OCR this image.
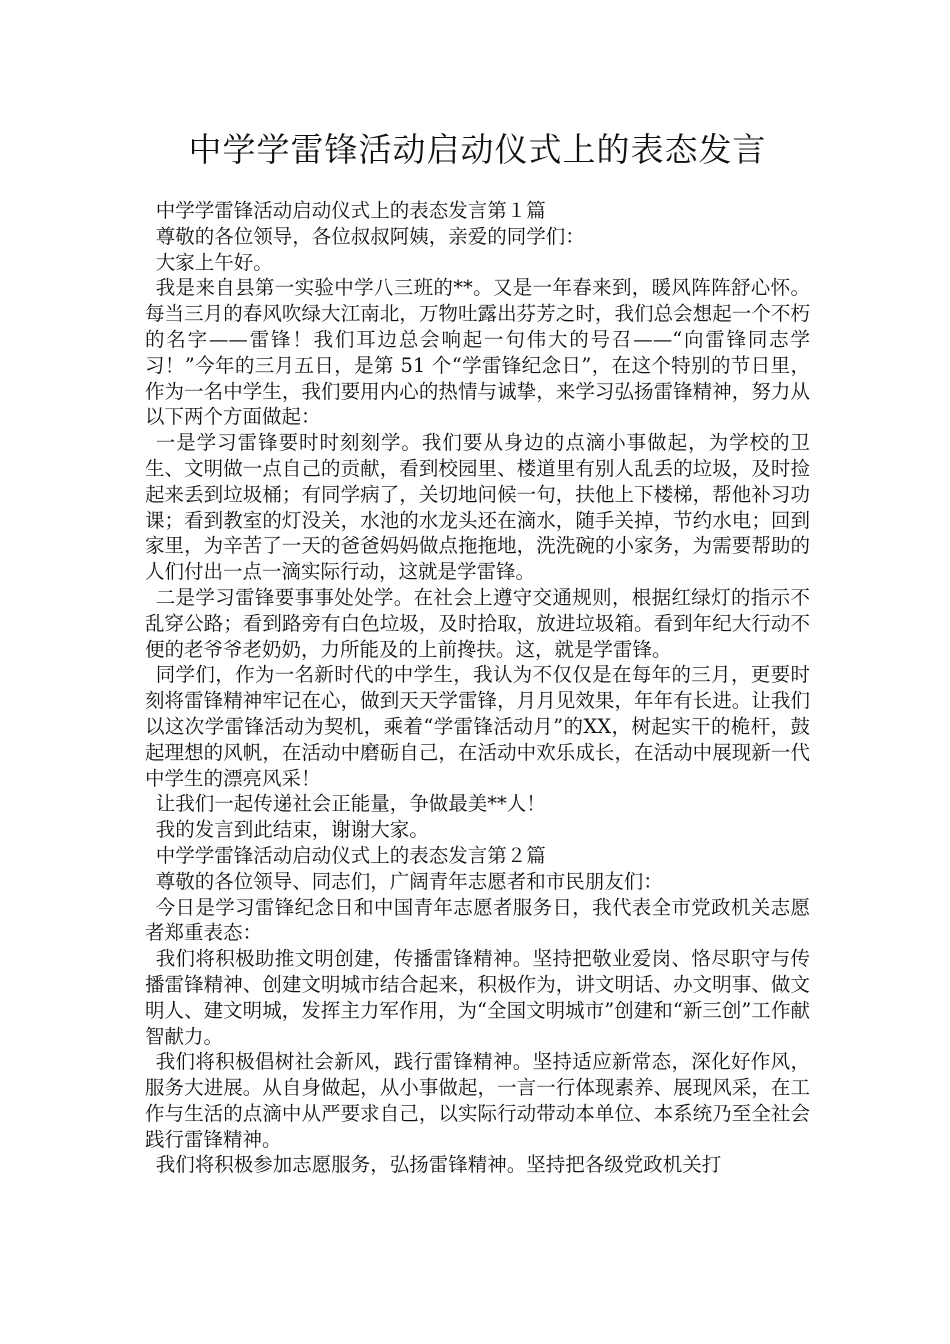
中学学雷锋活动启动仪式上的表态发言

中学学雷锋活动启动仪式上的表态发言第１篇

尊敬的各位领导，各位叔叔阿姨，亲爱的同学们：

大家上午好。

我是来自县第一实验中学八三班的**。又是一年春来到，暖风阵阵舒心怀。每当三月的春风吹绿大江南北，万物吐露出芬芳之时，我们总会想起一个不朽的名字——雷锋！我们耳边总会响起一句伟大的号召——“向雷锋同志学习！”今年的三月五日，是第 51 个“学雷锋纪念日”，在这个特别的节日里，作为一名中学生，我们要用内心的热情与诚挚，来学习弘扬雷锋精神，努力从以下两个方面做起：

一是学习雷锋要时时刻刻学。我们要从身边的点滴小事做起，为学校的卫生、文明做一点自己的贡献，看到校园里、楼道里有别人乱丢的垃圾，及时捡起来丢到垃圾桶；有同学病了，关切地问候一句，扶他上下楼梯，帮他补习功课；看到教室的灯没关，水池的水龙头还在滴水，随手关掉，节约水电；回到家里，为辛苦了一天的爸爸妈妈做点拖拖地，洗洗碗的小家务，为需要帮助的人们付出一点一滴实际行动，这就是学雷锋。

二是学习雷锋要事事处处学。在社会上遵守交通规则，根据红绿灯的指示不乱穿公路；看到路旁有白色垃圾，及时拾取，放进垃圾箱。看到年纪大行动不便的老爷爷老奶奶，力所能及的上前搀扶。这，就是学雷锋。

同学们，作为一名新时代的中学生，我认为不仅仅是在每年的三月，更要时刻将雷锋精神牢记在心，做到天天学雷锋，月月见效果，年年有长进。让我们以这次学雷锋活动为契机，乘着“学雷锋活动月”的XX，树起实干的桅杆，鼓起理想的风帆，在活动中磨砺自己，在活动中欢乐成长，在活动中展现新一代中学生的漂亮风采！

让我们一起传递社会正能量，争做最美**人！

我的发言到此结束，谢谢大家。

中学学雷锋活动启动仪式上的表态发言第２篇

尊敬的各位领导、同志们，广阔青年志愿者和市民朋友们：

今日是学习雷锋纪念日和中国青年志愿者服务日，我代表全市党政机关志愿者郑重表态：

我们将积极助推文明创建，传播雷锋精神。坚持把敬业爱岗、恪尽职守与传播雷锋精神、创建文明城市结合起来，积极作为，讲文明话、办文明事、做文明人、建文明城，发挥主力军作用，为“全国文明城市”创建和“新三创”工作献智献力。

我们将积极倡树社会新风，践行雷锋精神。坚持适应新常态，深化好作风，服务大进展。从自身做起，从小事做起，一言一行体现素养、展现风采，在工作与生活的点滴中从严要求自己，以实际行动带动本单位、本系统乃至全社会践行雷锋精神。

我们将积极参加志愿服务，弘扬雷锋精神。坚持把各级党政机关打
